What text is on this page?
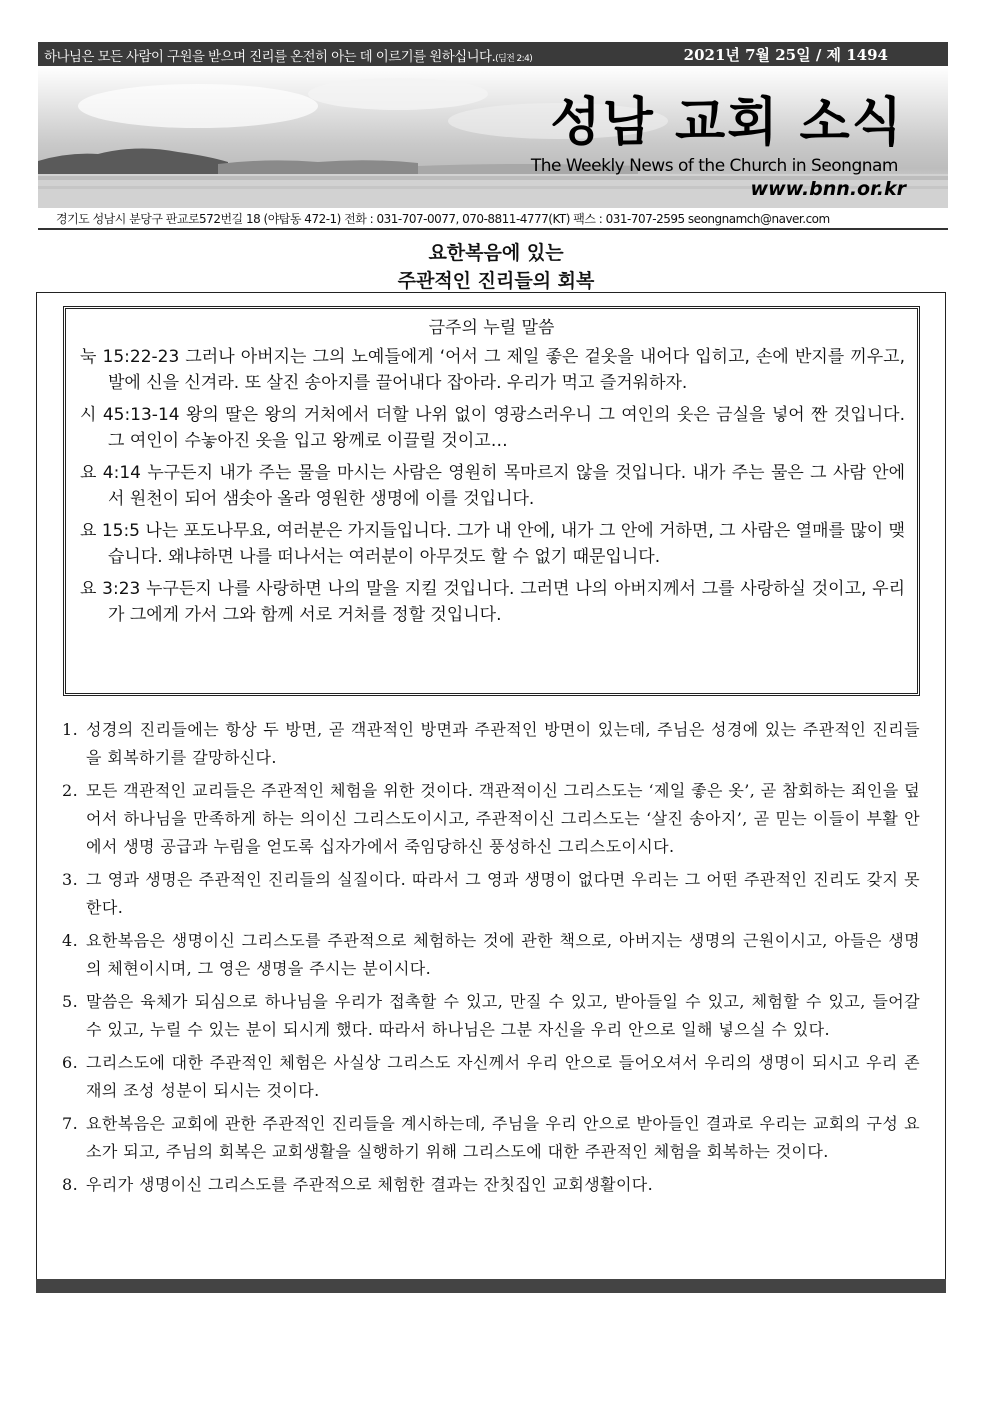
하나님은 모든 사람이 구원을 받으며 진리를 온전히 아는 데 이르기를 원하십니다.(딤전 2:4)	2021년 7월 25일 / 제 1494
성남 교회 소식
The Weekly News of the Church in Seongnam
www.bnn.or.kr
경기도 성남시 분당구 판교로572번길 18 (야탑동 472-1) 전화 : 031-707-0077, 070-8811-4777(KT) 팩스 : 031-707-2595 seongnamch@naver.com
요한복음에 있는
주관적인 진리들의 회복
금주의 누릴 말씀
눅 15:22-23 그러나 아버지는 그의 노예들에게 ‘어서 그 제일 좋은 겉옷을 내어다 입히고, 손에 반지를 끼우고, 발에 신을 신겨라. 또 살진 송아지를 끌어내다 잡아라. 우리가 먹고 즐거워하자.
시 45:13-14 왕의 딸은 왕의 거처에서 더할 나위 없이 영광스러우니 그 여인의 옷은 금실을 넣어 짠 것입니다. 그 여인이 수놓아진 옷을 입고 왕께로 이끌릴 것이고…
요 4:14 누구든지 내가 주는 물을 마시는 사람은 영원히 목마르지 않을 것입니다. 내가 주는 물은 그 사람 안에서 원천이 되어 샘솟아 올라 영원한 생명에 이를 것입니다.
요 15:5 나는 포도나무요, 여러분은 가지들입니다. 그가 내 안에, 내가 그 안에 거하면, 그 사람은 열매를 많이 맺습니다. 왜냐하면 나를 떠나서는 여러분이 아무것도 할 수 없기 때문입니다.
요 3:23 누구든지 나를 사랑하면 나의 말을 지킬 것입니다. 그러면 나의 아버지께서 그를 사랑하실 것이고, 우리가 그에게 가서 그와 함께 서로 거처를 정할 것입니다.
1. 성경의 진리들에는 항상 두 방면, 곧 객관적인 방면과 주관적인 방면이 있는데, 주님은 성경에 있는 주관적인 진리들을 회복하기를 갈망하신다.
2. 모든 객관적인 교리들은 주관적인 체험을 위한 것이다. 객관적이신 그리스도는 ‘제일 좋은 옷’, 곧 참회하는 죄인을 덮어서 하나님을 만족하게 하는 의이신 그리스도이시고, 주관적이신 그리스도는 ‘살진 송아지’, 곧 믿는 이들이 부활 안에서 생명 공급과 누림을 얻도록 십자가에서 죽임당하신 풍성하신 그리스도이시다.
3. 그 영과 생명은 주관적인 진리들의 실질이다. 따라서 그 영과 생명이 없다면 우리는 그 어떤 주관적인 진리도 갖지 못한다.
4. 요한복음은 생명이신 그리스도를 주관적으로 체험하는 것에 관한 책으로, 아버지는 생명의 근원이시고, 아들은 생명의 체현이시며, 그 영은 생명을 주시는 분이시다.
5. 말씀은 육체가 되심으로 하나님을 우리가 접촉할 수 있고, 만질 수 있고, 받아들일 수 있고, 체험할 수 있고, 들어갈 수 있고, 누릴 수 있는 분이 되시게 했다. 따라서 하나님은 그분 자신을 우리 안으로 일해 넣으실 수 있다.
6. 그리스도에 대한 주관적인 체험은 사실상 그리스도 자신께서 우리 안으로 들어오셔서 우리의 생명이 되시고 우리 존재의 조성 성분이 되시는 것이다.
7. 요한복음은 교회에 관한 주관적인 진리들을 계시하는데, 주님을 우리 안으로 받아들인 결과로 우리는 교회의 구성 요소가 되고, 주님의 회복은 교회생활을 실행하기 위해 그리스도에 대한 주관적인 체험을 회복하는 것이다.
8. 우리가 생명이신 그리스도를 주관적으로 체험한 결과는 잔칫집인 교회생활이다.
